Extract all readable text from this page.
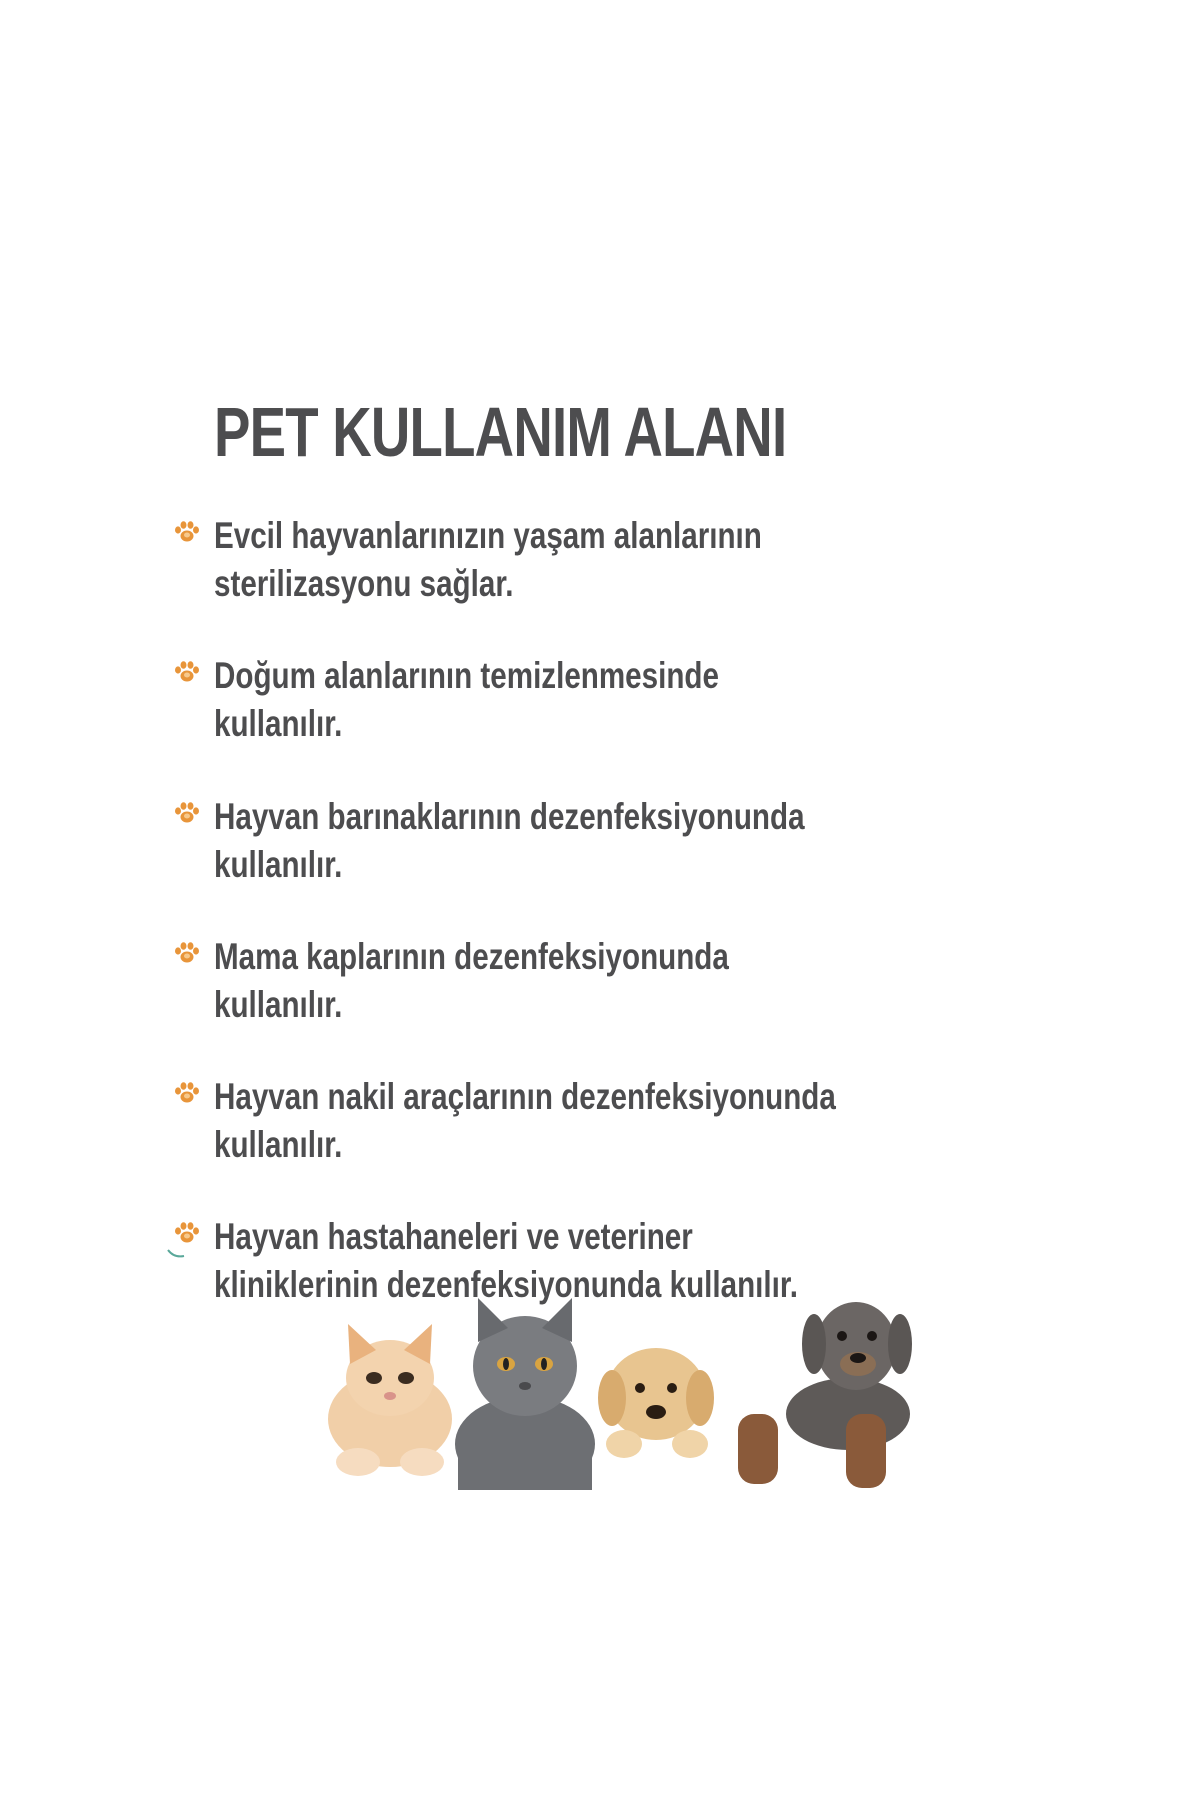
PET KULLANIM ALANI

Evcil hayvanlarınızın yaşam alanlarının
sterilizasyonu sağlar.

Doğum alanlarının temizlenmesinde
kullanılır.

Hayvan barınaklarının dezenfeksiyonunda
kullanılır.

Mama kaplarının dezenfeksiyonunda
kullanılır.

Hayvan nakil araçlarının dezenfeksiyonunda
kullanılır.

Hayvan hastahaneleri ve veteriner
kliniklerinin dezenfeksiyonunda kullanılır.
